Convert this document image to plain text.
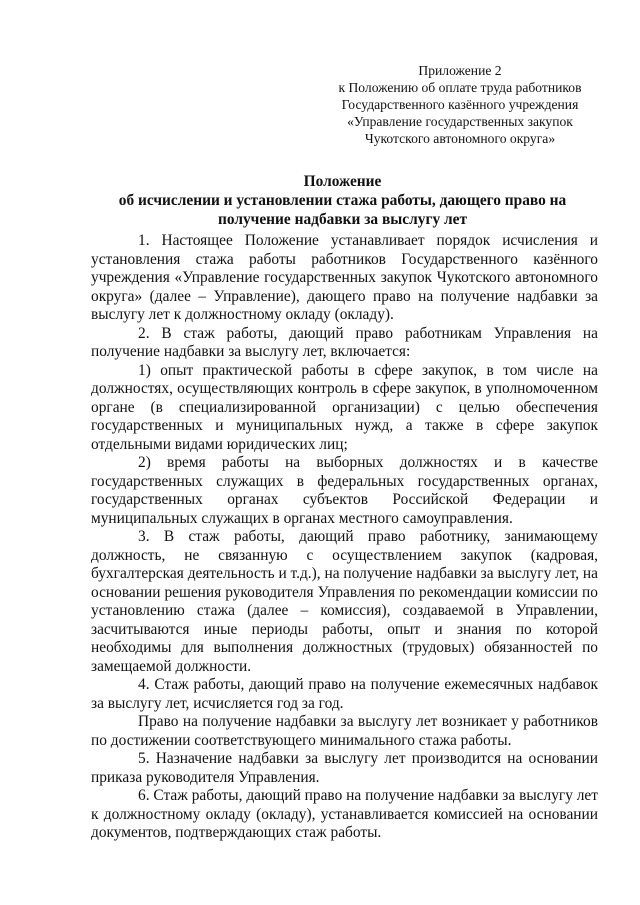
Приложение 2
к Положению об оплате труда работников
Государственного казённого учреждения
«Управление государственных закупок
Чукотского автономного округа»
Положение
об исчислении и установлении стажа работы, дающего право на
получение надбавки за выслугу лет

1. Настоящее Положение устанавливает порядок исчисления и установления стажа работы работников Государственного казённого учреждения «Управление государственных закупок Чукотского автономного округа» (далее – Управление), дающего право на получение надбавки за выслугу лет к должностному окладу (окладу).

2. В стаж работы, дающий право работникам Управления на получение надбавки за выслугу лет, включается:

1) опыт практической работы в сфере закупок, в том числе на должностях, осуществляющих контроль в сфере закупок, в уполномоченном органе (в специализированной организации) с целью обеспечения государственных и муниципальных нужд, а также в сфере закупок отдельными видами юридических лиц;

2) время работы на выборных должностях и в качестве государственных служащих в федеральных государственных органах, государственных органах субъектов Российской Федерации и муниципальных служащих в органах местного самоуправления.

3. В стаж работы, дающий право работнику, занимающему должность, не связанную с осуществлением закупок (кадровая, бухгалтерская деятельность и т.д.), на получение надбавки за выслугу лет, на основании решения руководителя Управления по рекомендации комиссии по установлению стажа (далее – комиссия), создаваемой в Управлении, засчитываются иные периоды работы, опыт и знания по которой необходимы для выполнения должностных (трудовых) обязанностей по замещаемой должности.

4. Стаж работы, дающий право на получение ежемесячных надбавок за выслугу лет, исчисляется год за год.

Право на получение надбавки за выслугу лет возникает у работников по достижении соответствующего минимального стажа работы.

5. Назначение надбавки за выслугу лет производится на основании приказа руководителя Управления.

6. Стаж работы, дающий право на получение надбавки за выслугу лет к должностному окладу (окладу), устанавливается комиссией на основании документов, подтверждающих стаж работы.
